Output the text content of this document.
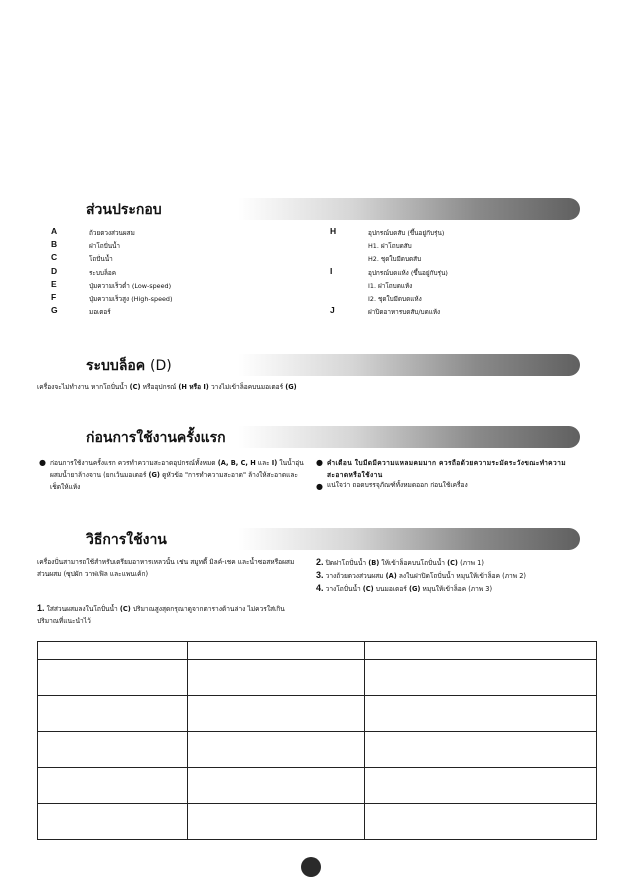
ส่วนประกอบ
A	ถ้วยตวงส่วนผสม
B	ฝาโถปั่นน้ำ
C	โถปั่นน้ำ
D	ระบบล็อค
E	ปุ่มความเร็วต่ำ (Low-speed)
F	ปุ่มความเร็วสูง (High-speed)
G	มอเตอร์
H	อุปกรณ์บดสับ (ขึ้นอยู่กับรุ่น)
H1. ฝาโถบดสับ
H2. ชุดใบมีดบดสับ
I	อุปกรณ์บดแห้ง (ขึ้นอยู่กับรุ่น)
I1. ฝาโถบดแห้ง
I2. ชุดใบมีดบดแห้ง
J	ฝาปิดอาหารบดสับ/บดแห้ง
ระบบล็อค (D)
เครื่องจะไม่ทำงาน หากโถปั่นน้ำ (C) หรืออุปกรณ์ (H หรือ I) วางไม่เข้าล็อคบนมอเตอร์ (G)
ก่อนการใช้งานครั้งแรก
● ก่อนการใช้งานครั้งแรก ควรทำความสะอาดอุปกรณ์ทั้งหมด (A, B, C, H และ I) ในน้ำอุ่นผสมน้ำยาล้างจาน (ยกเว้นมอเตอร์ (G) ดูหัวข้อ "การทำความสะอาด" ล้างให้สะอาดและเช็ดให้แห้ง
● คำเตือน ใบมีดมีความแหลมคมมาก ควรถือด้วยความระมัดระวังขณะทำความสะอาดหรือใช้งาน
● แน่ใจว่า ถอดบรรจุภัณฑ์ทั้งหมดออก ก่อนใช้เครื่อง
วิธีการใช้งาน
เครื่องปั่นสามารถใช้สำหรับเตรียมอาหารเหลวนั้น เช่น สมูทตี้ มิลค์-เชค และน้ำซอสหรือผสมส่วนผสม (ซุปผัก วาฟเฟิล และแพนเค้ก)
1. ใส่ส่วนผสมลงในโถปั่นน้ำ (C) ปริมาณสูงสุดกรุณาดูจากตารางด้านล่าง ไม่ควรใส่เกินปริมาณที่แนะนำไว้
2. ปิดฝาโถปั่นน้ำ (B) ให้เข้าล็อคบนโถปั่นน้ำ (C) (ภาพ 1)
3. วางถ้วยตวงส่วนผสม (A) ลงในฝาปิดโถปั่นน้ำ หมุนให้เข้าล็อค (ภาพ 2)
4. วางโถปั่นน้ำ (C) บนมอเตอร์ (G) หมุนให้เข้าล็อค (ภาพ 3)
